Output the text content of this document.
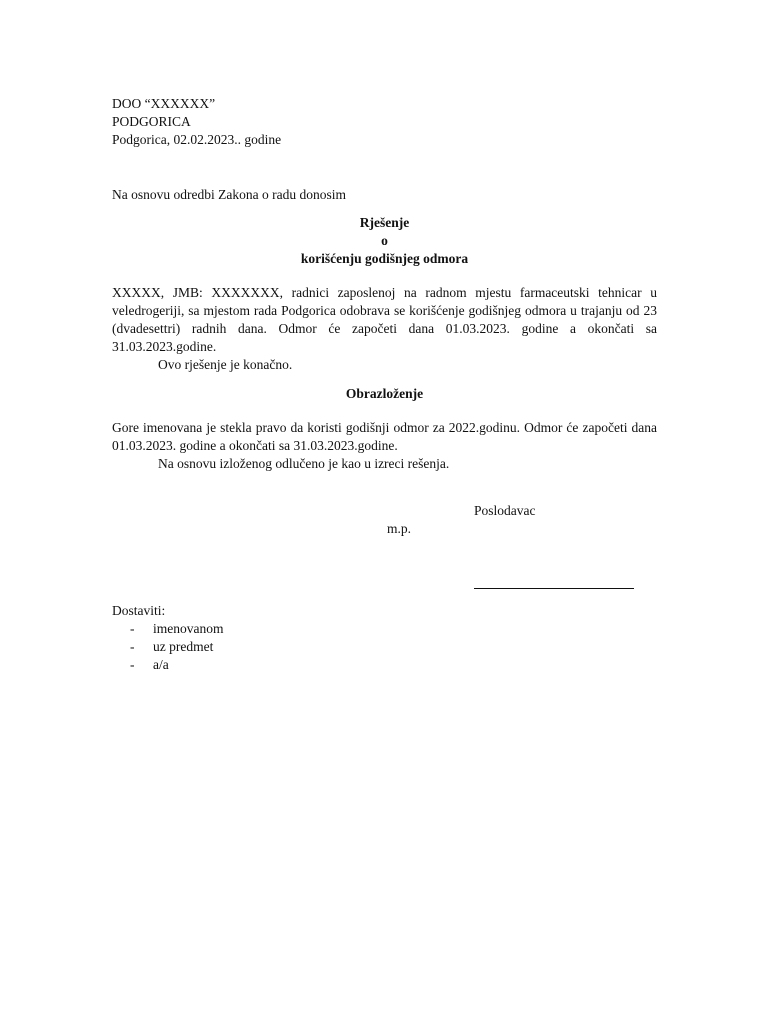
DOO “XXXXXX”
PODGORICA
Podgorica, 02.02.2023.. godine
Na osnovu odredbi Zakona o radu donosim
Rješenje
o
korišćenju godišnjeg odmora
XXXXX, JMB: XXXXXXX, radnici zaposlenoj na radnom mjestu farmaceutski tehnicar u veledrogeriji, sa mjestom rada Podgorica odobrava se korišćenje godišnjeg odmora u trajanju od 23 (dvadesettri) radnih dana. Odmor će započeti dana 01.03.2023. godine a okončati sa 31.03.2023.godine.
Ovo rješenje je konačno.
Obrazloženje
Gore imenovana je stekla pravo da koristi godišnji odmor za 2022.godinu. Odmor će započeti dana 01.03.2023. godine a okončati sa 31.03.2023.godine.
Na osnovu izloženog odlučeno je kao u izreci rešenja.
Poslodavac
m.p.
Dostaviti:
- imenovanom
- uz predmet
- a/a
